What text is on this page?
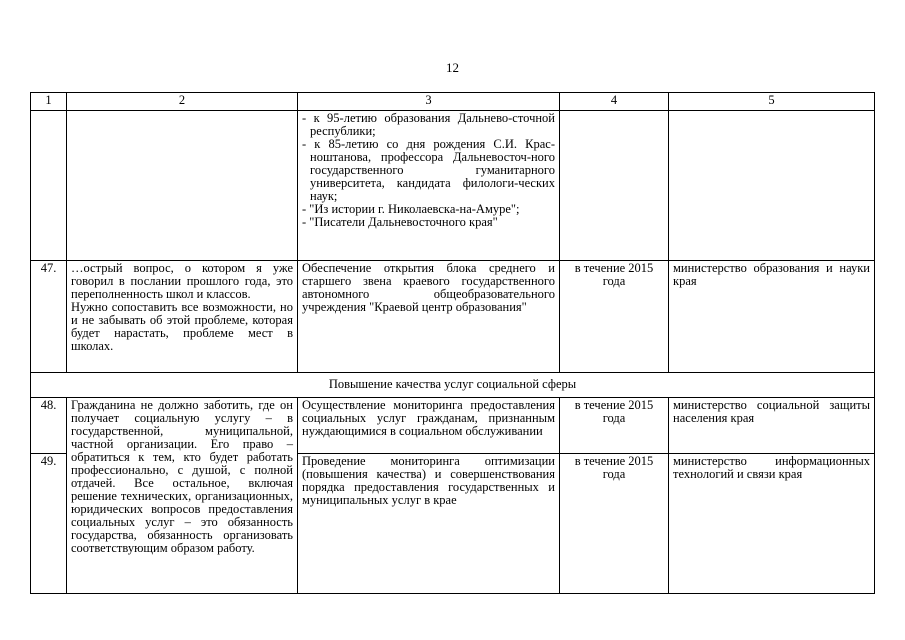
12
1	2	3	4	5

		- к 95-летию образования Дальнево-сточной республики;

- к 85-летию со дня рождения С.И. Крас-ноштанова, профессора Дальневосточ-ного государственного гуманитарного университета, кандидата филологи-ческих наук;

- "Из истории г. Николаевска-на-Амуре";

- "Писатели Дальневосточного края"		

47.	…острый вопрос, о котором я уже говорил в послании прошлого года, это переполненность школ и классов.

Нужно сопоставить все возможности, но и не забывать об этой проблеме, которая будет нарастать, проблеме мест в школах.	Обеспечение открытия блока среднего и старшего звена краевого государственного автономного общеобразовательного учреждения "Краевой центр образования"	в течение 2015 года	министерство образования и науки края
Повышение качества услуг социальной сферы				
48.	Гражданина не должно заботить, где он получает социальную услугу – в государственной, муниципальной, частной организации. Его право – обратиться к тем, кто будет работать профессионально, с душой, с полной отдачей. Все остальное, включая решение технических, организационных, юридических вопросов предоставления социальных услуг – это обязанность государства, обязанность организовать соответствующим образом работу.	Осуществление мониторинга предоставления социальных услуг гражданам, признанным нуждающимися в социальном обслуживании	в течение 2015 года	министерство социальной защиты населения края
49.		Проведение мониторинга оптимизации (повышения качества) и совершенствования порядка предоставления государственных и муниципальных услуг в крае	в течение 2015 года	министерство информационных технологий и связи края
